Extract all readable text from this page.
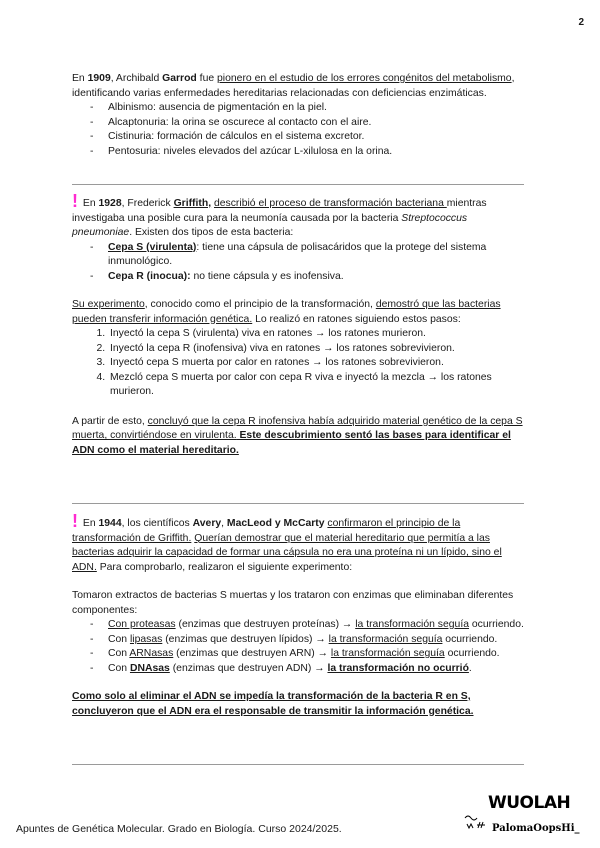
2

En 1909, Archibald Garrod fue pionero en el estudio de los errores congénitos del metabolismo, identificando varias enfermedades hereditarias relacionadas con deficiencias enzimáticas.

- Albinismo: ausencia de pigmentación en la piel.
- Alcaptonuria: la orina se oscurece al contacto con el aire.
- Cistinuria: formación de cálculos en el sistema excretor.
- Pentosuria: niveles elevados del azúcar L-xilulosa en la orina.

! En 1928, Frederick Griffith, describió el proceso de transformación bacteriana mientras investigaba una posible cura para la neumonía causada por la bacteria Streptococcus pneumoniae. Existen dos tipos de esta bacteria:

- Cepa S (virulenta): tiene una cápsula de polisacáridos que la protege del sistema inmunológico.
- Cepa R (inocua): no tiene cápsula y es inofensiva.

Su experimento, conocido como el principio de la transformación, demostró que las bacterias pueden transferir información genética. Lo realizó en ratones siguiendo estos pasos:

1. Inyectó la cepa S (virulenta) viva en ratones → los ratones murieron.
2. Inyectó la cepa R (inofensiva) viva en ratones → los ratones sobrevivieron.
3. Inyectó cepa S muerta por calor en ratones → los ratones sobrevivieron.
4. Mezcló cepa S muerta por calor con cepa R viva e inyectó la mezcla → los ratones murieron.

A partir de esto, concluyó que la cepa R inofensiva había adquirido material genético de la cepa S muerta, convirtiéndose en virulenta. Este descubrimiento sentó las bases para identificar el ADN como el material hereditario.

! En 1944, los científicos Avery, MacLeod y McCarty confirmaron el principio de la transformación de Griffith. Querían demostrar que el material hereditario que permitía a las bacterias adquirir la capacidad de formar una cápsula no era una proteína ni un lípido, sino el ADN. Para comprobarlo, realizaron el siguiente experimento:

Tomaron extractos de bacterias S muertas y los trataron con enzimas que eliminaban diferentes componentes:

- Con proteasas (enzimas que destruyen proteínas) → la transformación seguía ocurriendo.
- Con lipasas (enzimas que destruyen lípidos) → la transformación seguía ocurriendo.
- Con ARNasas (enzimas que destruyen ARN) → la transformación seguía ocurriendo.
- Con DNAsas (enzimas que destruyen ADN) → la transformación no ocurrió.

Como solo al eliminar el ADN se impedía la transformación de la bacteria R en S, concluyeron que el ADN era el responsable de transmitir la información genética.

Apuntes de Genética Molecular. Grado en Biología. Curso 2024/2025.
WUOLAH
PalomaOopsHi_
